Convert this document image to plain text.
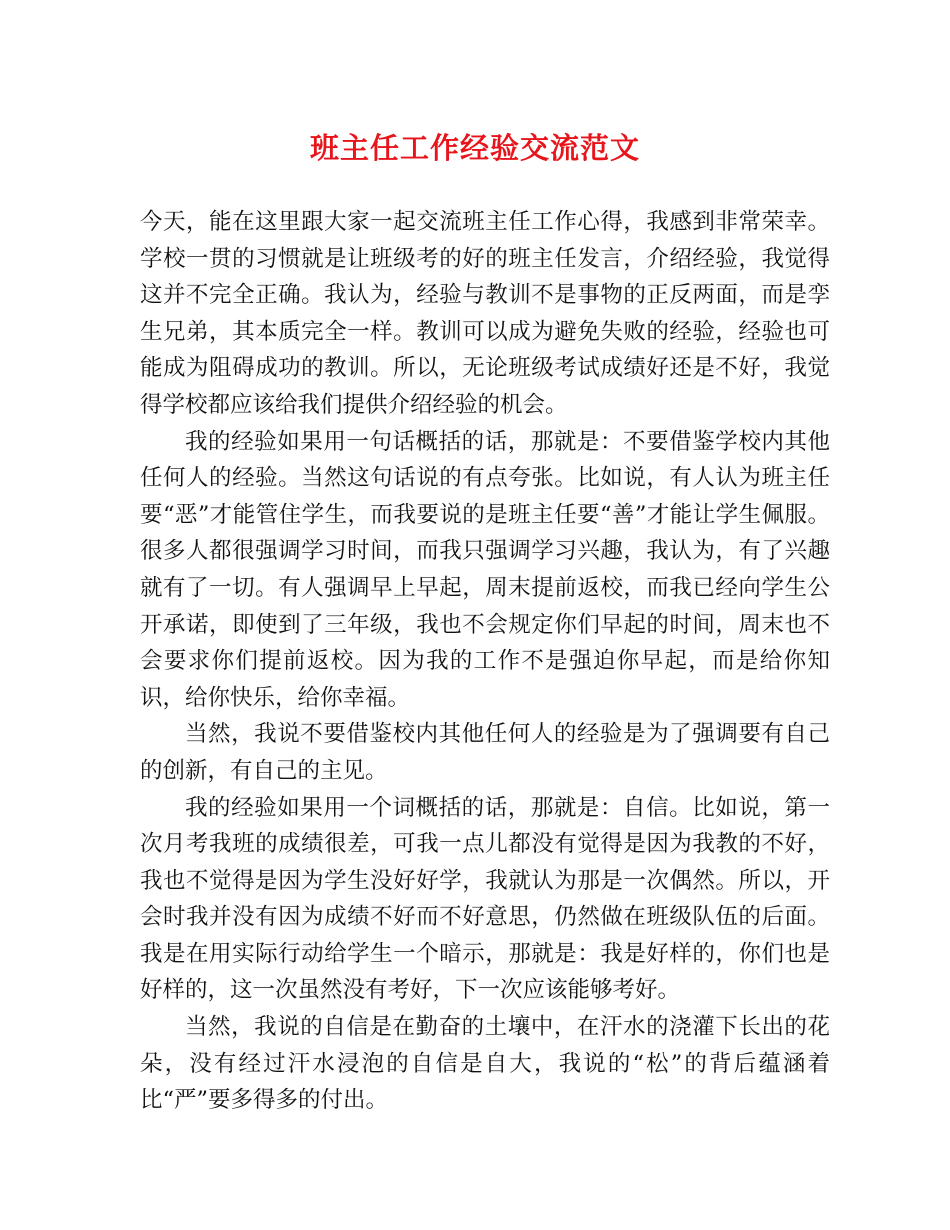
班主任工作经验交流范文

今天，能在这里跟大家一起交流班主任工作心得，我感到非常荣幸。学校一贯的习惯就是让班级考的好的班主任发言，介绍经验，我觉得这并不完全正确。我认为，经验与教训不是事物的正反两面，而是孪生兄弟，其本质完全一样。教训可以成为避免失败的经验，经验也可能成为阻碍成功的教训。所以，无论班级考试成绩好还是不好，我觉得学校都应该给我们提供介绍经验的机会。

我的经验如果用一句话概括的话，那就是：不要借鉴学校内其他任何人的经验。当然这句话说的有点夸张。比如说，有人认为班主任要“恶”才能管住学生，而我要说的是班主任要“善”才能让学生佩服。很多人都很强调学习时间，而我只强调学习兴趣，我认为，有了兴趣就有了一切。有人强调早上早起，周末提前返校，而我已经向学生公开承诺，即使到了三年级，我也不会规定你们早起的时间，周末也不会要求你们提前返校。因为我的工作不是强迫你早起，而是给你知识，给你快乐，给你幸福。

当然，我说不要借鉴校内其他任何人的经验是为了强调要有自己的创新，有自己的主见。

我的经验如果用一个词概括的话，那就是：自信。比如说，第一次月考我班的成绩很差，可我一点儿都没有觉得是因为我教的不好，我也不觉得是因为学生没好好学，我就认为那是一次偶然。所以，开会时我并没有因为成绩不好而不好意思，仍然做在班级队伍的后面。我是在用实际行动给学生一个暗示，那就是：我是好样的，你们也是好样的，这一次虽然没有考好，下一次应该能够考好。

当然，我说的自信是在勤奋的土壤中，在汗水的浇灌下长出的花朵，没有经过汗水浸泡的自信是自大，我说的“松”的背后蕴涵着比“严”要多得多的付出。
